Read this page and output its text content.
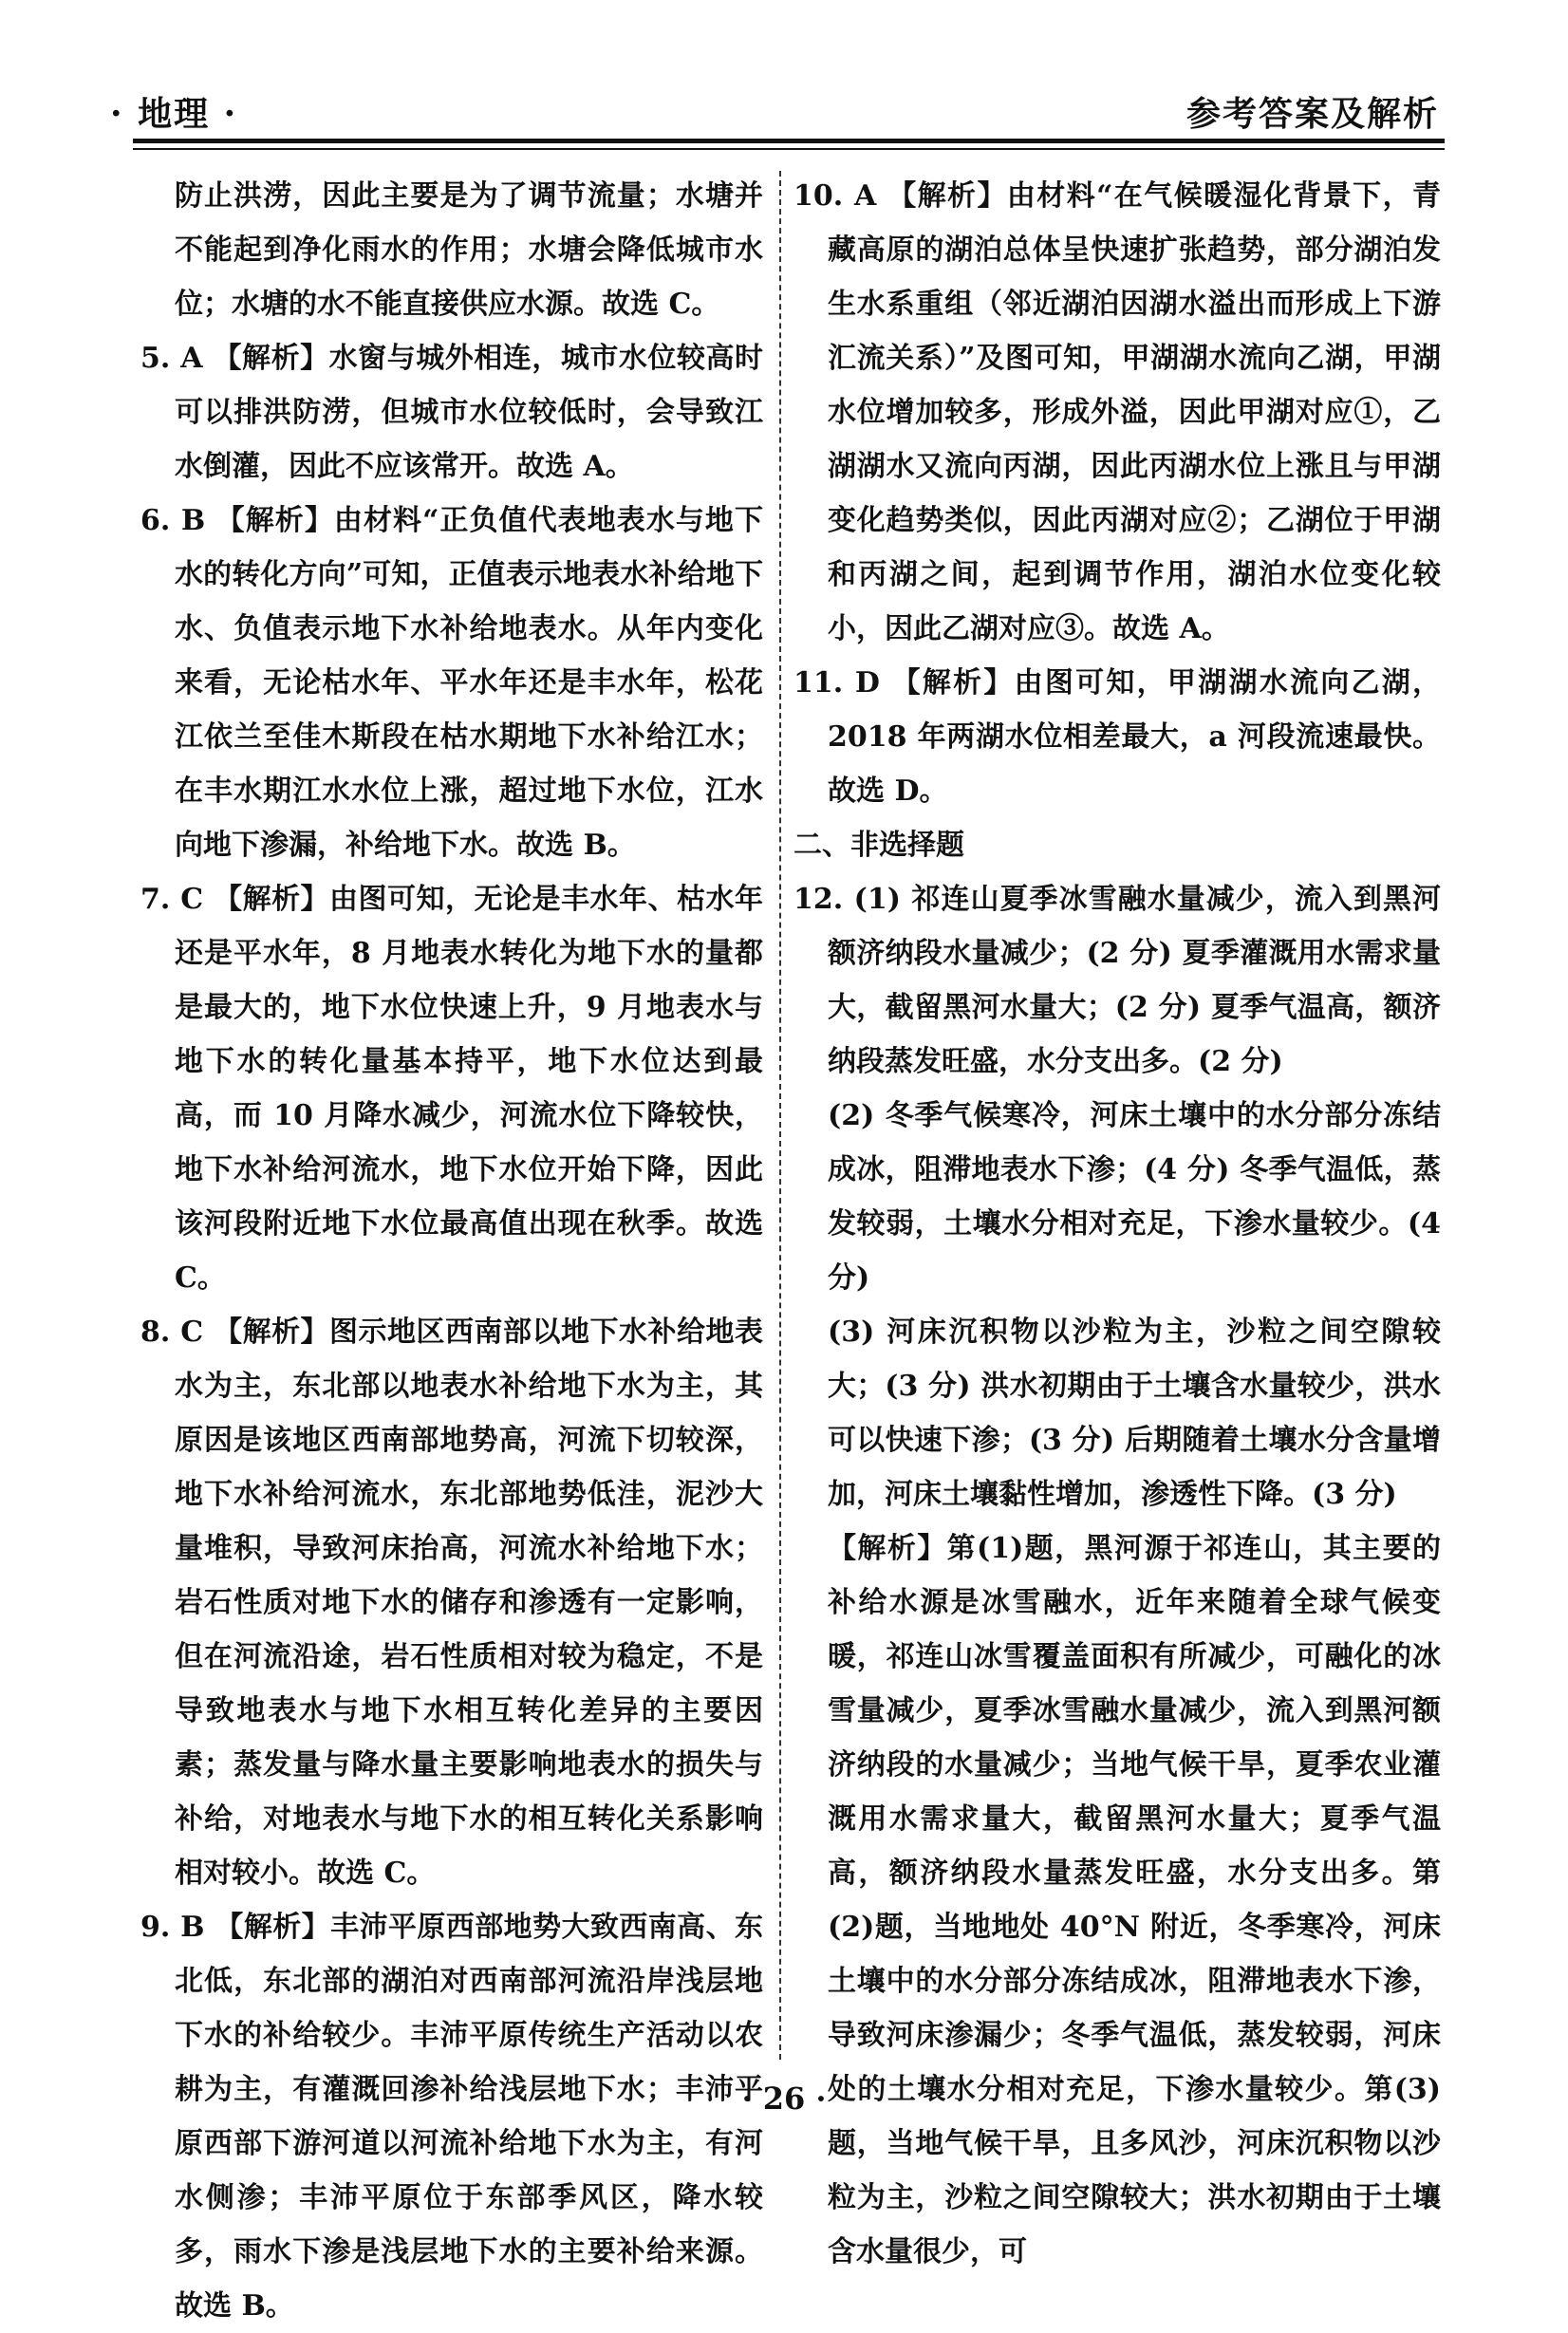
· 地理 ·	参考答案及解析

防止洪涝，因此主要是为了调节流量；水塘并不能起到净化雨水的作用；水塘会降低城市水位；水塘的水不能直接供应水源。故选 C。

5. A 【解析】水窗与城外相连，城市水位较高时可以排洪防涝，但城市水位较低时，会导致江水倒灌，因此不应该常开。故选 A。

6. B 【解析】由材料“正负值代表地表水与地下水的转化方向”可知，正值表示地表水补给地下水、负值表示地下水补给地表水。从年内变化来看，无论枯水年、平水年还是丰水年，松花江依兰至佳木斯段在枯水期地下水补给江水；在丰水期江水水位上涨，超过地下水位，江水向地下渗漏，补给地下水。故选 B。

7. C 【解析】由图可知，无论是丰水年、枯水年还是平水年，8 月地表水转化为地下水的量都是最大的，地下水位快速上升，9 月地表水与地下水的转化量基本持平，地下水位达到最高，而 10 月降水减少，河流水位下降较快，地下水补给河流水，地下水位开始下降，因此该河段附近地下水位最高值出现在秋季。故选 C。

8. C 【解析】图示地区西南部以地下水补给地表水为主，东北部以地表水补给地下水为主，其原因是该地区西南部地势高，河流下切较深，地下水补给河流水，东北部地势低洼，泥沙大量堆积，导致河床抬高，河流水补给地下水；岩石性质对地下水的储存和渗透有一定影响，但在河流沿途，岩石性质相对较为稳定，不是导致地表水与地下水相互转化差异的主要因素；蒸发量与降水量主要影响地表水的损失与补给，对地表水与地下水的相互转化关系影响相对较小。故选 C。

9. B 【解析】丰沛平原西部地势大致西南高、东北低，东北部的湖泊对西南部河流沿岸浅层地下水的补给较少。丰沛平原传统生产活动以农耕为主，有灌溉回渗补给浅层地下水；丰沛平原西部下游河道以河流补给地下水为主，有河水侧渗；丰沛平原位于东部季风区，降水较多，雨水下渗是浅层地下水的主要补给来源。故选 B。

10. A 【解析】由材料“在气候暖湿化背景下，青藏高原的湖泊总体呈快速扩张趋势，部分湖泊发生水系重组（邻近湖泊因湖水溢出而形成上下游汇流关系）”及图可知，甲湖湖水流向乙湖，甲湖水位增加较多，形成外溢，因此甲湖对应①，乙湖湖水又流向丙湖，因此丙湖水位上涨且与甲湖变化趋势类似，因此丙湖对应②；乙湖位于甲湖和丙湖之间，起到调节作用，湖泊水位变化较小，因此乙湖对应③。故选 A。

11. D 【解析】由图可知，甲湖湖水流向乙湖，2018 年两湖水位相差最大，a 河段流速最快。故选 D。

二、非选择题

12. (1) 祁连山夏季冰雪融水量减少，流入到黑河额济纳段水量减少；(2 分) 夏季灌溉用水需求量大，截留黑河水量大；(2 分) 夏季气温高，额济纳段蒸发旺盛，水分支出多。(2 分)

(2) 冬季气候寒冷，河床土壤中的水分部分冻结成冰，阻滞地表水下渗；(4 分) 冬季气温低，蒸发较弱，土壤水分相对充足，下渗水量较少。(4 分)

(3) 河床沉积物以沙粒为主，沙粒之间空隙较大；(3 分) 洪水初期由于土壤含水量较少，洪水可以快速下渗；(3 分) 后期随着土壤水分含量增加，河床土壤黏性增加，渗透性下降。(3 分)

【解析】第(1)题，黑河源于祁连山，其主要的补给水源是冰雪融水，近年来随着全球气候变暖，祁连山冰雪覆盖面积有所减少，可融化的冰雪量减少，夏季冰雪融水量减少，流入到黑河额济纳段的水量减少；当地气候干旱，夏季农业灌溉用水需求量大，截留黑河水量大；夏季气温高，额济纳段水量蒸发旺盛，水分支出多。第(2)题，当地地处 40°N 附近，冬季寒冷，河床土壤中的水分部分冻结成冰，阻滞地表水下渗，导致河床渗漏少；冬季气温低，蒸发较弱，河床处的土壤水分相对充足，下渗水量较少。第(3)题，当地气候干旱，且多风沙，河床沉积物以沙粒为主，沙粒之间空隙较大；洪水初期由于土壤含水量很少，可

· 26 ·
